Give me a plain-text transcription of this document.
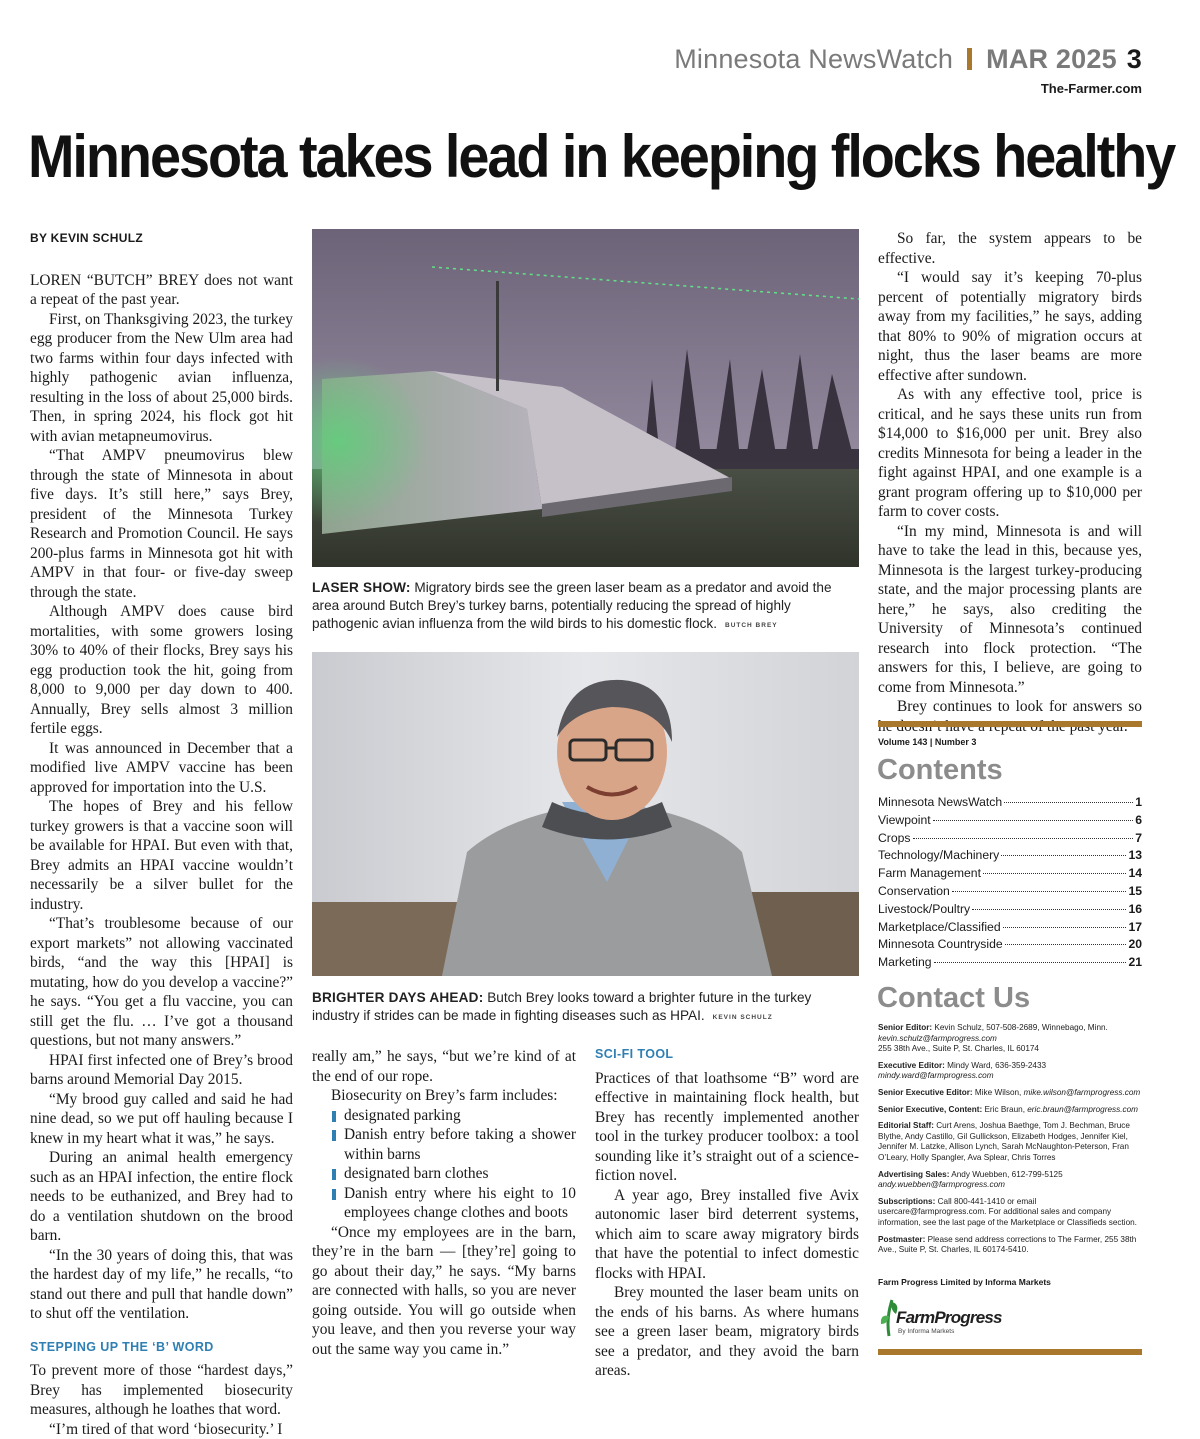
Minnesota NewsWatch MAR 2025 3
The-Farmer.com
Minnesota takes lead in keeping flocks healthy
BY KEVIN SCHULZ

LOREN “BUTCH” BREY does not want a repeat of the past year.

First, on Thanksgiving 2023, the turkey egg producer from the New Ulm area had two farms within four days infected with highly pathogenic avian influenza, resulting in the loss of about 25,000 birds. Then, in spring 2024, his flock got hit with avian metapneumovirus.

“That AMPV pneumovirus blew through the state of Minnesota in about five days. It’s still here,” says Brey, president of the Minnesota Turkey Research and Promotion Council. He says 200-plus farms in Minnesota got hit with AMPV in that four- or five-day sweep through the state.

Although AMPV does cause bird mortalities, with some growers losing 30% to 40% of their flocks, Brey says his egg production took the hit, going from 8,000 to 9,000 per day down to 400. Annually, Brey sells almost 3 million fertile eggs.

It was announced in December that a modified live AMPV vaccine has been approved for importation into the U.S.

The hopes of Brey and his fellow turkey growers is that a vaccine soon will be available for HPAI. But even with that, Brey admits an HPAI vaccine wouldn’t necessarily be a silver bullet for the industry.

“That’s troublesome because of our export markets” not allowing vaccinated birds, “and the way this [HPAI] is mutating, how do you develop a vaccine?” he says. “You get a flu vaccine, you can still get the flu. … I’ve got a thousand questions, but not many answers.”

HPAI first infected one of Brey’s brood barns around Memorial Day 2015.

“My brood guy called and said he had nine dead, so we put off hauling because I knew in my heart what it was,” he says.

During an animal health emergency such as an HPAI infection, the entire flock needs to be euthanized, and Brey had to do a ventilation shutdown on the brood barn.

“In the 30 years of doing this, that was the hardest day of my life,” he recalls, “to stand out there and pull that handle down” to shut off the ventilation.

STEPPING UP THE ‘B’ WORD

To prevent more of those “hardest days,” Brey has implemented biosecurity measures, although he loathes that word.

“I’m tired of that word ‘biosecurity.’ I

LASER SHOW: Migratory birds see the green laser beam as a predator and avoid the area around Butch Brey’s turkey barns, potentially reducing the spread of highly pathogenic avian influenza from the wild birds to his domestic flock. BUTCH BREY
BRIGHTER DAYS AHEAD: Butch Brey looks toward a brighter future in the turkey industry if strides can be made in fighting diseases such as HPAI. KEVIN SCHULZ

really am,” he says, “but we’re kind of at the end of our rope.

Biosecurity on Brey’s farm includes:

designated parking
Danish entry before taking a shower within barns
designated barn clothes
Danish entry where his eight to 10 employees change clothes and boots

“Once my employees are in the barn, they’re in the barn — [they’re] going to go about their day,” he says. “My barns are connected with halls, so you are never going outside. You will go outside when you leave, and then you reverse your way out the same way you came in.”

SCI-FI TOOL

Practices of that loathsome “B” word are effective in maintaining flock health, but Brey has recently implemented another tool in the turkey producer toolbox: a tool sounding like it’s straight out of a science-fiction novel.

A year ago, Brey installed five Avix autonomic laser bird deterrent systems, which aim to scare away migratory birds that have the potential to infect domestic flocks with HPAI.

Brey mounted the laser beam units on the ends of his barns. As where humans see a green laser beam, migratory birds see a predator, and they avoid the barn areas.

So far, the system appears to be effective.

“I would say it’s keeping 70-plus percent of potentially migratory birds away from my facilities,” he says, adding that 80% to 90% of migration occurs at night, thus the laser beams are more effective after sundown.

As with any effective tool, price is critical, and he says these units run from $14,000 to $16,000 per unit. Brey also credits Minnesota for being a leader in the fight against HPAI, and one example is a grant program offering up to $10,000 per farm to cover costs.

“In my mind, Minnesota is and will have to take the lead in this, because yes, Minnesota is the largest turkey-producing state, and the major processing plants are here,” he says, also crediting the University of Minnesota’s continued research into flock protection. “The answers for this, I believe, are going to come from Minnesota.”

Brey continues to look for answers so

Volume 143 | Number 3
Contents
Minnesota NewsWatch	1
Viewpoint	6
Crops	7
Technology/Machinery	13
Farm Management	14
Conservation	15
Livestock/Poultry	16
Marketplace/Classified	17
Minnesota Countryside	20
Marketing	21
Contact Us
Senior Editor: Kevin Schulz, 507-508-2689, Winnebago, Minn.
kevin.schulz@farmprogress.com
255 38th Ave., Suite P, St. Charles, IL 60174
Executive Editor: Mindy Ward, 636-359-2433
mindy.ward@farmprogress.com
Senior Executive Editor: Mike Wilson, mike.wilson@farmprogress.com
Senior Executive, Content: Eric Braun, eric.braun@farmprogress.com
Editorial Staff: Curt Arens, Joshua Baethge, Tom J. Bechman, Bruce Blythe, Andy Castillo, Gil Gullickson, Elizabeth Hodges, Jennifer Kiel, Jennifer M. Latzke, Allison Lynch, Sarah McNaughton-Peterson, Fran O’Leary, Holly Spangler, Ava Splear, Chris Torres
Advertising Sales: Andy Wuebben, 612-799-5125
andy.wuebben@farmprogress.com
Subscriptions: Call 800-441-1410 or email usercare@farmprogress.com. For additional sales and company information, see the last page of the Marketplace or Classifieds section.
Postmaster: Please send address corrections to The Farmer, 255 38th Ave., Suite P, St. Charles, IL 60174-5410.
Farm Progress Limited by Informa Markets
FarmProgress
By Informa Markets
